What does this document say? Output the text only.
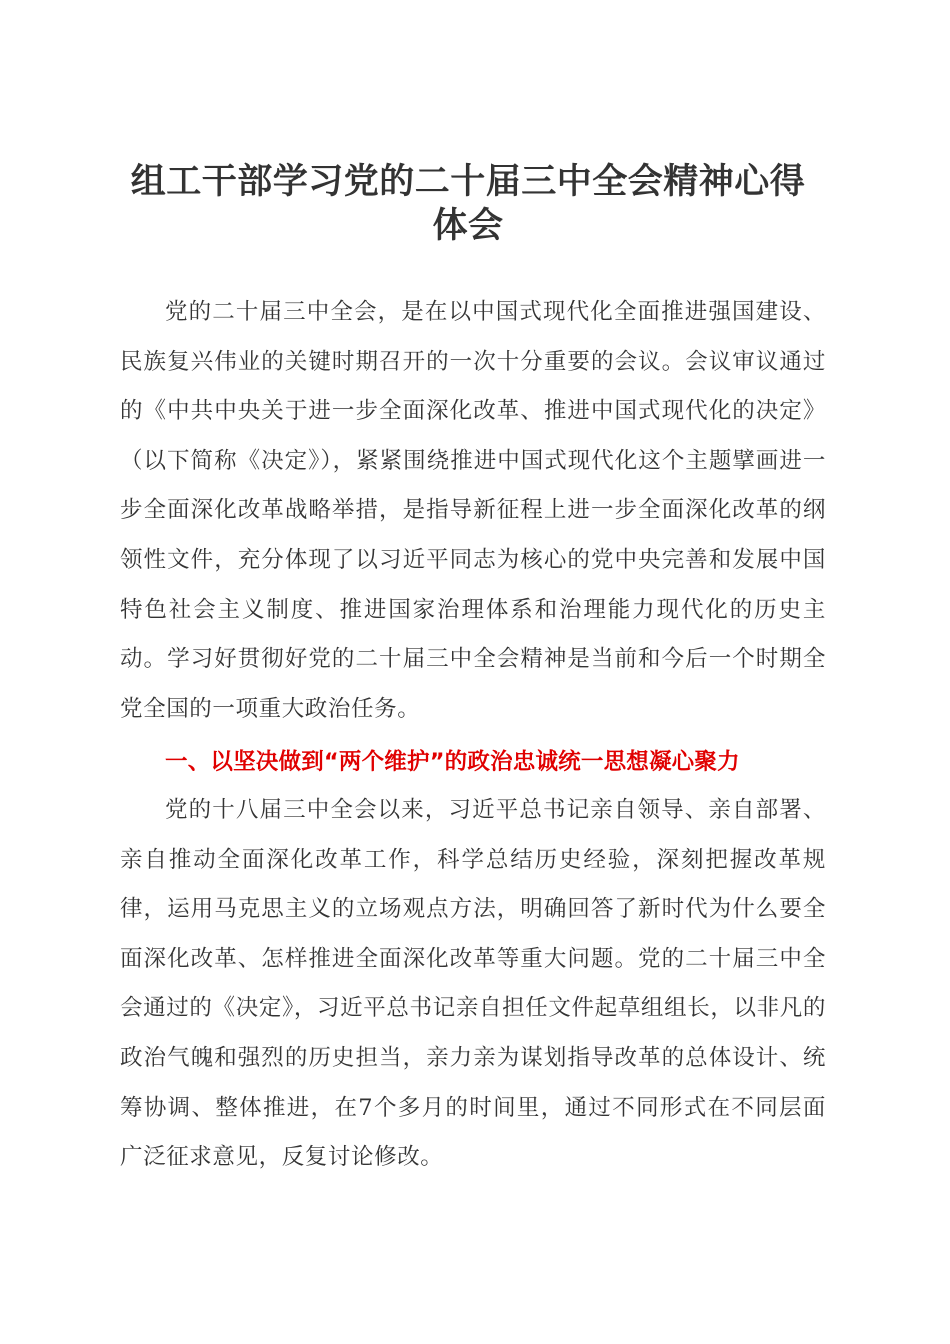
组工干部学习党的二十届三中全会精神心得体会

党的二十届三中全会，是在以中国式现代化全面推进强国建设、民族复兴伟业的关键时期召开的一次十分重要的会议。会议审议通过的《中共中央关于进一步全面深化改革、推进中国式现代化的决定》（以下简称《决定》），紧紧围绕推进中国式现代化这个主题擘画进一步全面深化改革战略举措，是指导新征程上进一步全面深化改革的纲领性文件，充分体现了以习近平同志为核心的党中央完善和发展中国特色社会主义制度、推进国家治理体系和治理能力现代化的历史主动。学习好贯彻好党的二十届三中全会精神是当前和今后一个时期全党全国的一项重大政治任务。

一、以坚决做到“两个维护”的政治忠诚统一思想凝心聚力

党的十八届三中全会以来，习近平总书记亲自领导、亲自部署、亲自推动全面深化改革工作，科学总结历史经验，深刻把握改革规律，运用马克思主义的立场观点方法，明确回答了新时代为什么要全面深化改革、怎样推进全面深化改革等重大问题。党的二十届三中全会通过的《决定》，习近平总书记亲自担任文件起草组组长，以非凡的政治气魄和强烈的历史担当，亲力亲为谋划指导改革的总体设计、统筹协调、整体推进，在7个多月的时间里，通过不同形式在不同层面广泛征求意见，反复讨论修改。
